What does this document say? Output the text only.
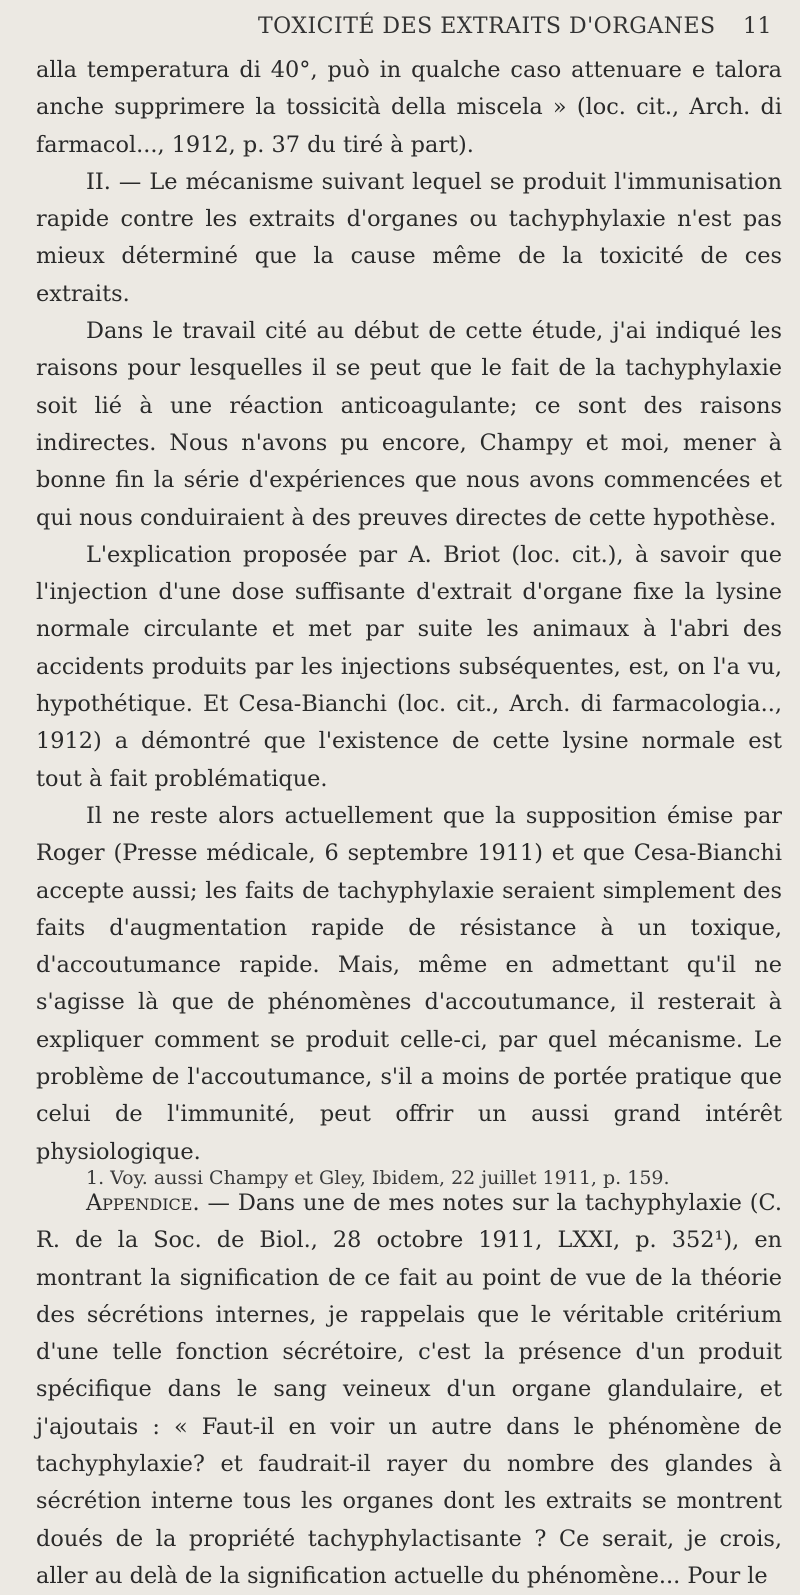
TOXICITÉ DES EXTRAITS D'ORGANES 11

alla temperatura di 40°, può in qualche caso attenuare e talora anche supprimere la tossicità della miscela » (loc. cit., Arch. di farmacol..., 1912, p. 37 du tiré à part).

II. — Le mécanisme suivant lequel se produit l'immunisation rapide contre les extraits d'organes ou tachyphylaxie n'est pas mieux déterminé que la cause même de la toxicité de ces extraits.

Dans le travail cité au début de cette étude, j'ai indiqué les raisons pour lesquelles il se peut que le fait de la tachyphylaxie soit lié à une réaction anticoagulante; ce sont des raisons indirectes. Nous n'avons pu encore, Champy et moi, mener à bonne fin la série d'expériences que nous avons commencées et qui nous conduiraient à des preuves directes de cette hypothèse.

L'explication proposée par A. Briot (loc. cit.), à savoir que l'injection d'une dose suffisante d'extrait d'organe fixe la lysine normale circulante et met par suite les animaux à l'abri des accidents produits par les injections subséquentes, est, on l'a vu, hypothétique. Et Cesa-Bianchi (loc. cit., Arch. di farmacologia.., 1912) a démontré que l'existence de cette lysine normale est tout à fait problématique.

Il ne reste alors actuellement que la supposition émise par Roger (Presse médicale, 6 septembre 1911) et que Cesa-Bianchi accepte aussi; les faits de tachyphylaxie seraient simplement des faits d'augmentation rapide de résistance à un toxique, d'accoutumance rapide. Mais, même en admettant qu'il ne s'agisse là que de phénomènes d'accoutumance, il resterait à expliquer comment se produit celle-ci, par quel mécanisme. Le problème de l'accoutumance, s'il a moins de portée pratique que celui de l'immunité, peut offrir un aussi grand intérêt physiologique.

Appendice. — Dans une de mes notes sur la tachyphylaxie (C. R. de la Soc. de Biol., 28 octobre 1911, LXXI, p. 352¹), en montrant la signification de ce fait au point de vue de la théorie des sécrétions internes, je rappelais que le véritable critérium d'une telle fonction sécrétoire, c'est la présence d'un produit spécifique dans le sang veineux d'un organe glandulaire, et j'ajoutais : « Faut-il en voir un autre dans le phénomène de tachyphylaxie? et faudrait-il rayer du nombre des glandes à sécrétion interne tous les organes dont les extraits se montrent doués de la propriété tachyphylactisante ? Ce serait, je crois, aller au delà de la signification actuelle du phénomène... Pour le

1. Voy. aussi Champy et Gley, Ibidem, 22 juillet 1911, p. 159.
